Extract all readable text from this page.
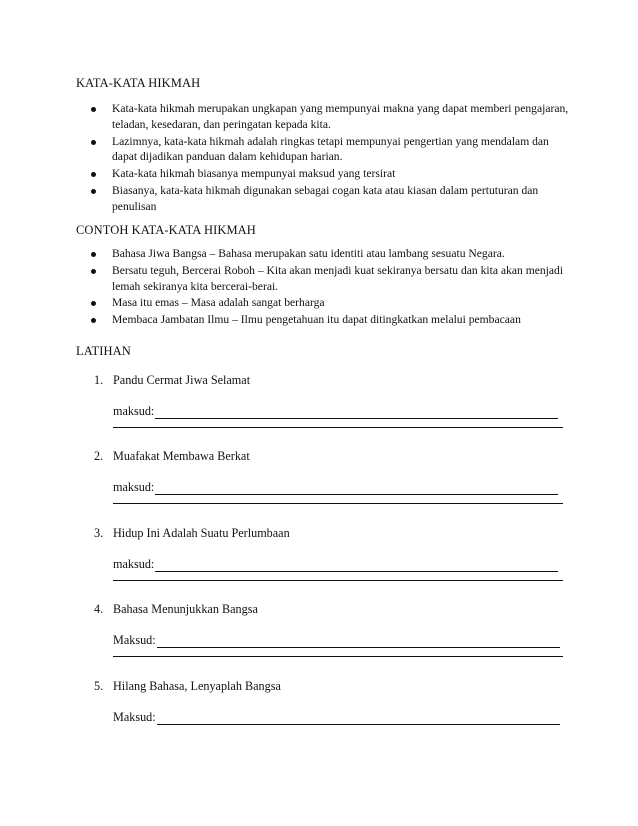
KATA-KATA HIKMAH
Kata-kata hikmah merupakan ungkapan yang mempunyai makna yang dapat memberi pengajaran, teladan, kesedaran, dan peringatan kepada kita.
Lazimnya, kata-kata hikmah adalah ringkas tetapi mempunyai pengertian yang mendalam dan dapat dijadikan panduan dalam kehidupan harian.
Kata-kata hikmah biasanya mempunyai maksud yang tersirat
Biasanya, kata-kata hikmah digunakan sebagai cogan kata atau kiasan dalam pertuturan dan penulisan
CONTOH KATA-KATA HIKMAH
Bahasa Jiwa Bangsa – Bahasa merupakan satu identiti atau lambang sesuatu Negara.
Bersatu teguh, Bercerai Roboh – Kita akan menjadi kuat sekiranya bersatu dan kita akan menjadi lemah sekiranya kita bercerai-berai.
Masa itu emas – Masa adalah sangat berharga
Membaca Jambatan Ilmu – Ilmu pengetahuan itu dapat ditingkatkan melalui pembacaan
LATIHAN
1. Pandu Cermat Jiwa Selamat
maksud:
2. Muafakat Membawa Berkat
maksud:
3. Hidup Ini Adalah Suatu Perlumbaan
maksud:
4. Bahasa Menunjukkan Bangsa
Maksud:
5. Hilang Bahasa, Lenyaplah Bangsa
Maksud:
